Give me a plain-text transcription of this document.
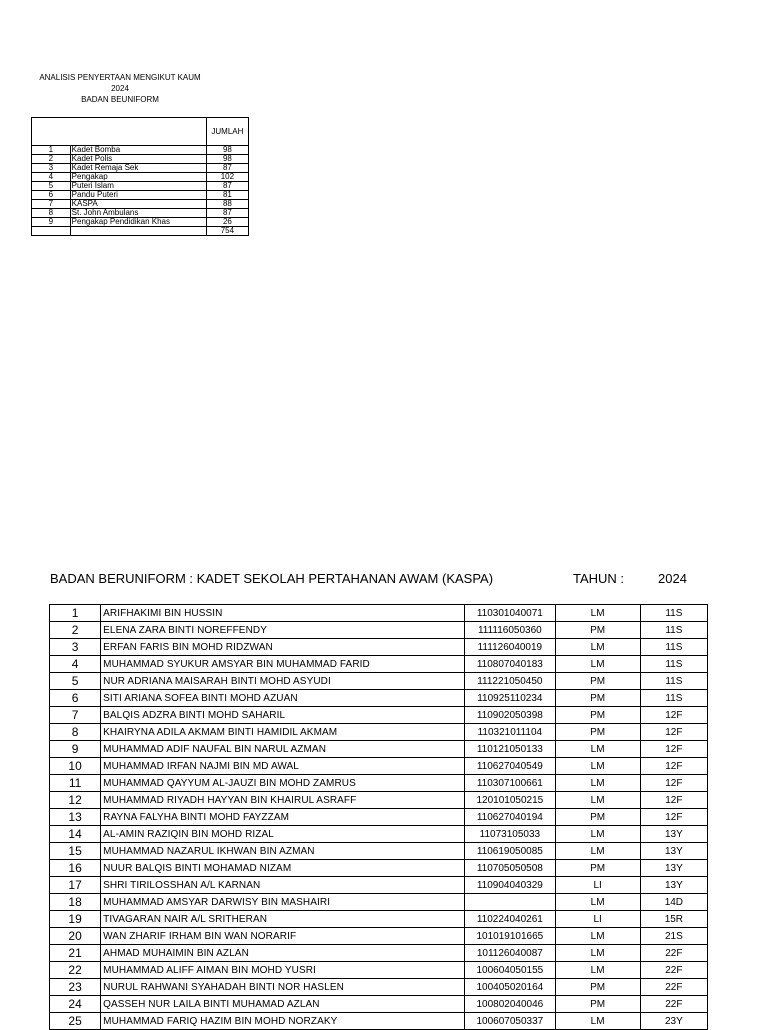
ANALISIS PENYERTAAN MENGIKUT KAUM
2024
BADAN BEUNIFORM
		JUMLAH
1	Kadet Bomba	98
2	Kadet Polis	98
3	Kadet Remaja Sek	87
4	Pengakap	102
5	Puteri Islam	87
6	Pandu Puteri	81
7	KASPA	88
8	St. John Ambulans	87
9	Pengakap Pendidikan Khas	26
		754
BADAN BERUNIFORM : KADET SEKOLAH PERTAHANAN AWAM (KASPA)	TAHUN :	2024
1	ARIFHAKIMI BIN HUSSIN	110301040071	LM	11S
2	ELENA ZARA BINTI NOREFFENDY	111116050360	PM	11S
3	ERFAN FARIS BIN MOHD RIDZWAN	111126040019	LM	11S
4	MUHAMMAD SYUKUR AMSYAR BIN MUHAMMAD FARID	110807040183	LM	11S
5	NUR ADRIANA MAISARAH BINTI MOHD ASYUDI	111221050450	PM	11S
6	SITI ARIANA SOFEA BINTI MOHD AZUAN	110925110234	PM	11S
7	BALQIS ADZRA BINTI MOHD SAHARIL	110902050398	PM	12F
8	KHAIRYNA ADILA AKMAM BINTI HAMIDIL AKMAM	110321011104	PM	12F
9	MUHAMMAD ADIF NAUFAL BIN NARUL AZMAN	110121050133	LM	12F
10	MUHAMMAD IRFAN NAJMI BIN MD AWAL	110627040549	LM	12F
11	MUHAMMAD QAYYUM AL-JAUZI BIN MOHD ZAMRUS	110307100661	LM	12F
12	MUHAMMAD RIYADH HAYYAN BIN KHAIRUL ASRAFF	120101050215	LM	12F
13	RAYNA FALYHA BINTI MOHD FAYZZAM	110627040194	PM	12F
14	AL-AMIN RAZIQIN BIN MOHD RIZAL	11073105033	LM	13Y
15	MUHAMMAD NAZARUL IKHWAN BIN AZMAN	110619050085	LM	13Y
16	NUUR BALQIS BINTI MOHAMAD NIZAM	110705050508	PM	13Y
17	SHRI TIRILOSSHAN A/L KARNAN	110904040329	LI	13Y
18	MUHAMMAD AMSYAR DARWISY BIN MASHAIRI		LM	14D
19	TIVAGARAN NAIR A/L SRITHERAN	110224040261	LI	15R
20	WAN ZHARIF IRHAM BIN WAN NORARIF	101019101665	LM	21S
21	AHMAD MUHAIMIN BIN AZLAN	101126040087	LM	22F
22	MUHAMMAD ALIFF AIMAN BIN MOHD YUSRI	100604050155	LM	22F
23	NURUL RAHWANI SYAHADAH BINTI NOR HASLEN	100405020164	PM	22F
24	QASSEH NUR LAILA BINTI MUHAMAD AZLAN	100802040046	PM	22F
25	MUHAMMAD FARIQ HAZIM BIN MOHD NORZAKY	100607050337	LM	23Y
